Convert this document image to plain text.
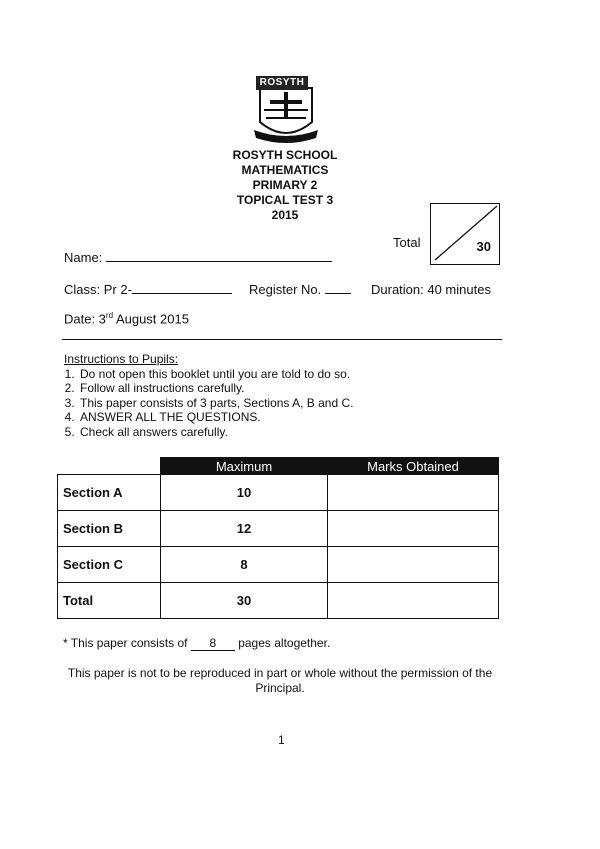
ROSYTH
ROSYTH SCHOOL
MATHEMATICS
PRIMARY 2
TOPICAL TEST 3
2015
Total	30
Name:
Class: Pr 2-	Register No.	Duration: 40 minutes
Date: 3rd August 2015
Instructions to Pupils:
1. Do not open this booklet until you are told to do so.
2. Follow all instructions carefully.
3. This paper consists of 3 parts, Sections A, B and C.
4. ANSWER ALL THE QUESTIONS.
5. Check all answers carefully.
	Maximum	Marks Obtained
Section A	10	
Section B	12	
Section C	8	
Total	30	
* This paper consists of 8 pages altogether.
This paper is not to be reproduced in part or whole without the permission of the Principal.
1
